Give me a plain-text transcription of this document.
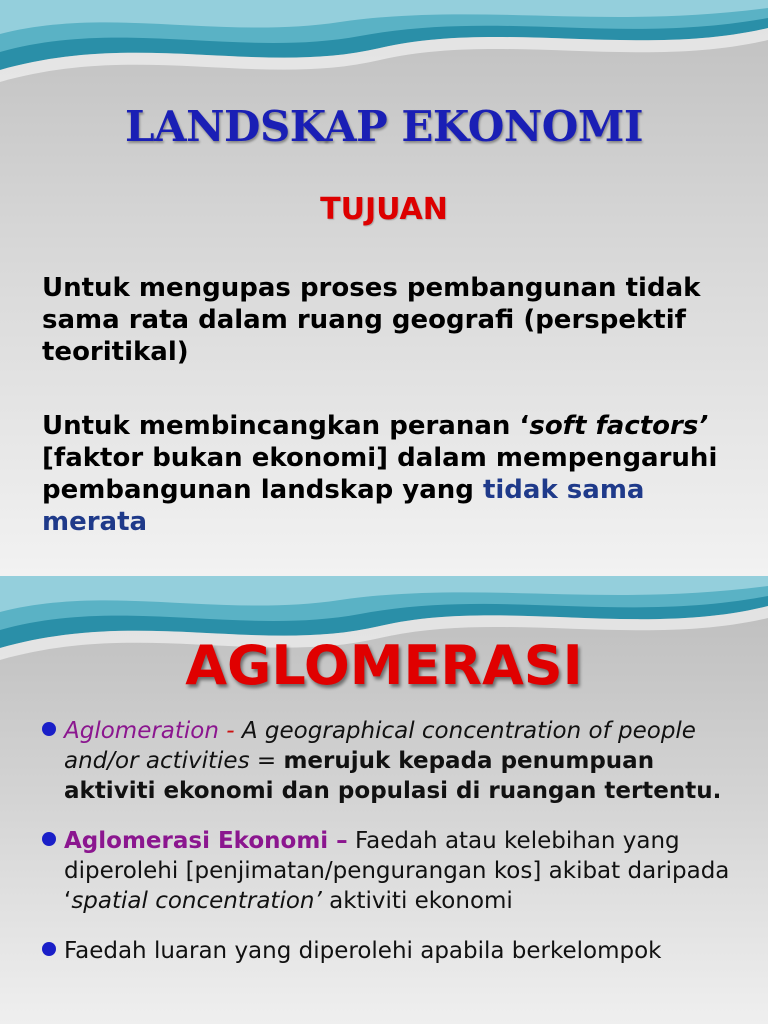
LANDSKAP EKONOMI
TUJUAN

Untuk mengupas proses pembangunan tidak sama rata dalam ruang geografi (perspektif teoritikal)

Untuk membincangkan peranan ‘soft factors’ [faktor bukan ekonomi] dalam mempengaruhi pembangunan landskap yang tidak sama merata

AGLOMERASI
Aglomeration - A geographical concentration of people and/or activities = merujuk kepada penumpuan aktiviti ekonomi dan populasi di ruangan tertentu.
Aglomerasi Ekonomi – Faedah atau kelebihan yang diperolehi [penjimatan/pengurangan kos] akibat daripada ‘spatial concentration’ aktiviti ekonomi
Faedah luaran yang diperolehi apabila berkelompok
